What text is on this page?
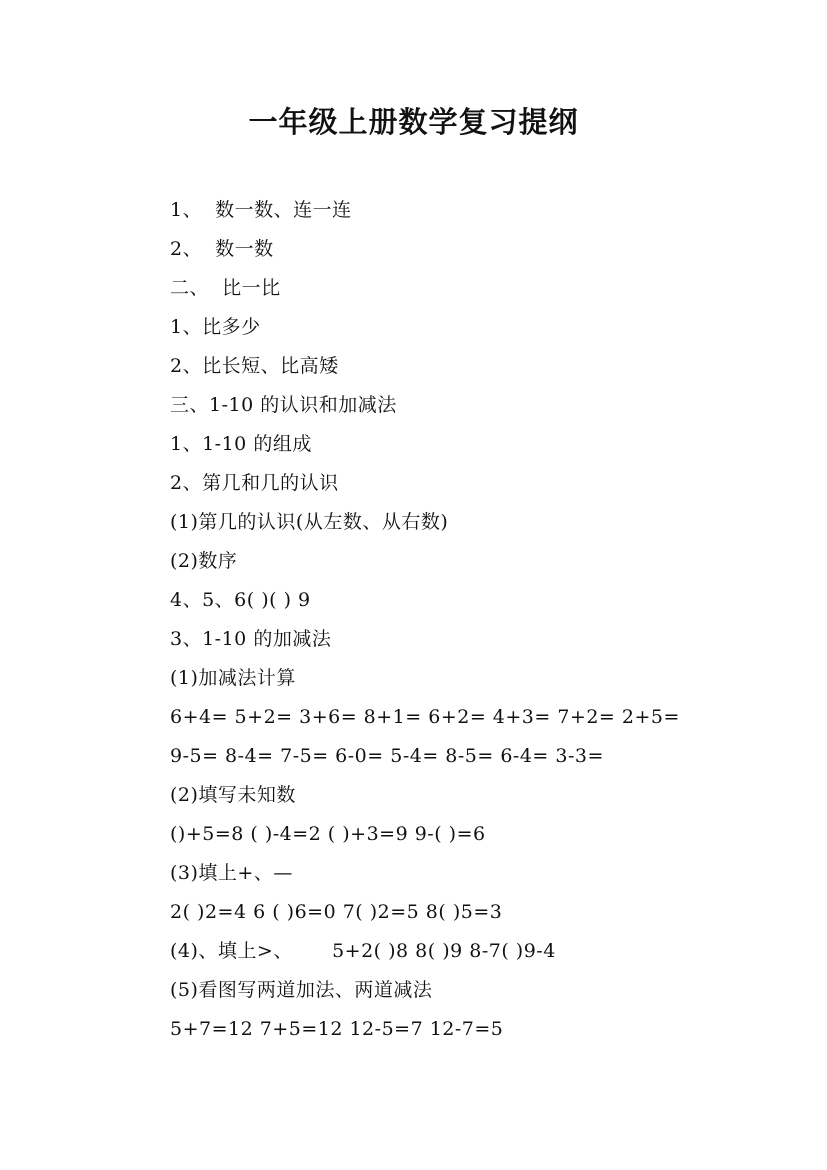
一年级上册数学复习提纲
1、  数一数、连一连
2、  数一数
二、  比一比
1、比多少
2、比长短、比高矮
三、1-10 的认识和加减法
1、1-10 的组成
2、第几和几的认识
(1)第几的认识(从左数、从右数)
(2)数序
4、5、6( )( ) 9
3、1-10 的加减法
(1)加减法计算
6+4= 5+2= 3+6= 8+1= 6+2= 4+3= 7+2= 2+5=
9-5= 8-4= 7-5= 6-0= 5-4= 8-5= 6-4= 3-3=
(2)填写未知数
()+5=8 ( )-4=2 ( )+3=9 9-( )=6
(3)填上+、—
2( )2=4 6 ( )6=0 7( )2=5 8( )5=3
(4)、填上>、      5+2( )8 8( )9 8-7( )9-4
(5)看图写两道加法、两道减法
5+7=12 7+5=12 12-5=7 12-7=5
